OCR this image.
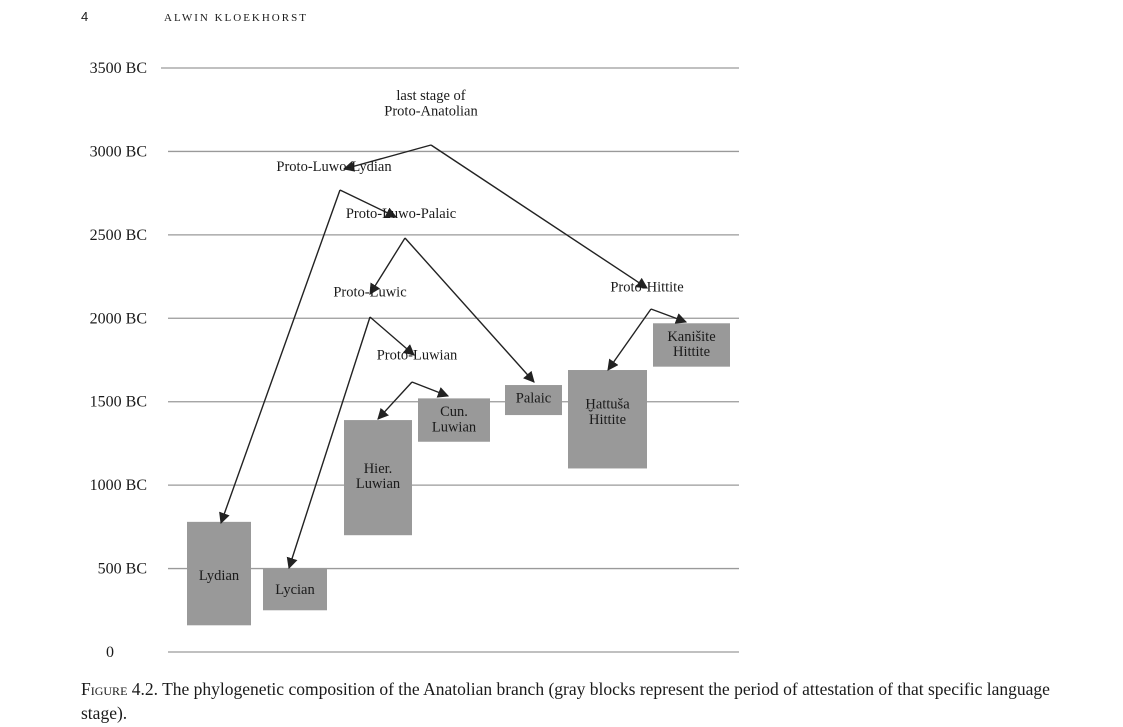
4	ALWIN KLOEKHORST
3500 BC
3000 BC
2500 BC
2000 BC
1500 BC
1000 BC
500 BC
0
Lydian
Lycian
Hier.
Luwian
Cun.
Luwian
Palaic Ḫattuša
Hittite
Kanišite
Hittite
last stage of
Proto-Anatolian
Proto-Luwo-Lydian
Proto-Luwo-Palaic
Proto-Luwic
Proto-Luwian
Proto-Hittite
Figure 4.2. The phylogenetic composition of the Anatolian branch (gray blocks represent the period of attestation of that specific language stage).
